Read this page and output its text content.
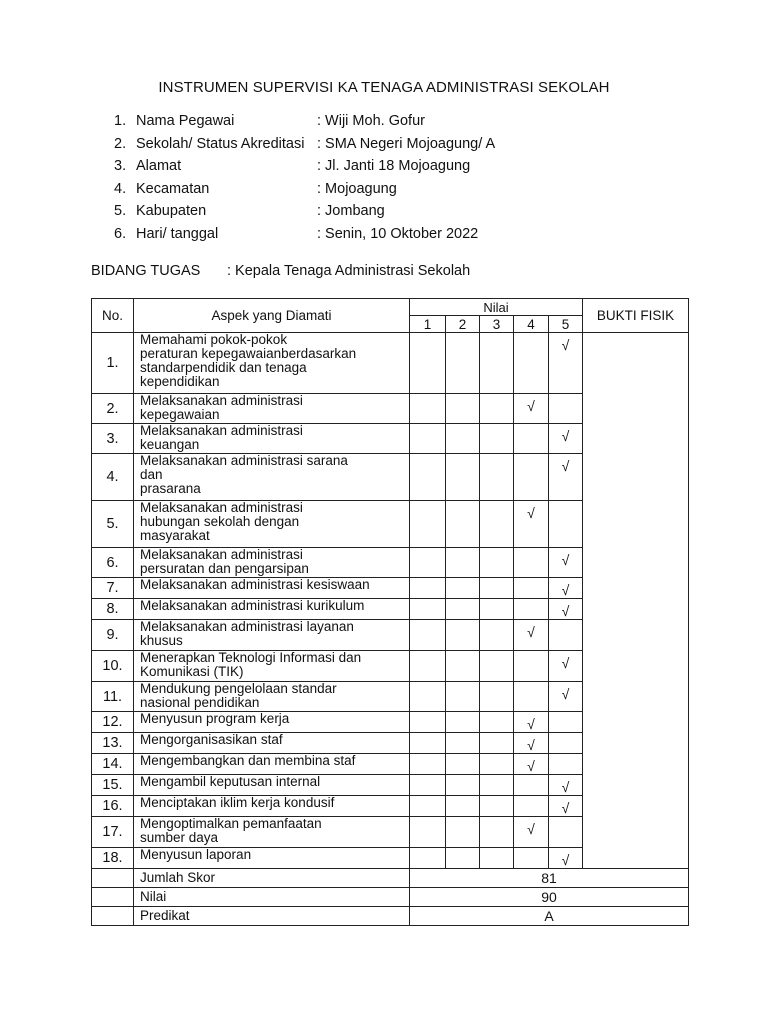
INSTRUMEN SUPERVISI KA TENAGA ADMINISTRASI SEKOLAH
1. Nama Pegawai	: Wiji Moh. Gofur
2. Sekolah/ Status Akreditasi : SMA Negeri Mojoagung/ A
3. Alamat	: Jl. Janti 18 Mojoagung
4. Kecamatan	: Mojoagung
5. Kabupaten	: Jombang
6. Hari/ tanggal	: Senin, 10 Oktober 2022
BIDANG TUGAS	: Kepala Tenaga Administrasi Sekolah
No.	Aspek yang Diamati	Nilai					BUKTI FISIK
		1	2	3	4	5	
1.	Memahami pokok-pokok
peraturan kepegawaianberdasarkan
standarpendidik dan tenaga
kependidikan					√	
2.	Melaksanakan administrasi
kepegawaian				√		
3.	Melaksanakan administrasi
keuangan					√	
4.	Melaksanakan administrasi sarana
dan
prasarana					√	
5.	Melaksanakan administrasi
hubungan sekolah dengan
masyarakat				√		
6.	Melaksanakan administrasi
persuratan dan pengarsipan					√	
7.	Melaksanakan administrasi kesiswaan					√	
8.	Melaksanakan administrasi kurikulum					√	
9.	Melaksanakan administrasi layanan
khusus				√		
10.	Menerapkan Teknologi Informasi dan
Komunikasi (TIK)					√	
11.	Mendukung pengelolaan standar
nasional pendidikan					√	
12.	Menyusun program kerja				√		
13.	Mengorganisasikan staf				√		
14.	Mengembangkan dan membina staf				√		
15.	Mengambil keputusan internal					√	
16.	Menciptakan iklim kerja kondusif					√	
17.	Mengoptimalkan pemanfaatan
sumber daya				√		
18.	Menyusun laporan					√	
	Jumlah Skor	81					
	Nilai	90					
	Predikat	A					
